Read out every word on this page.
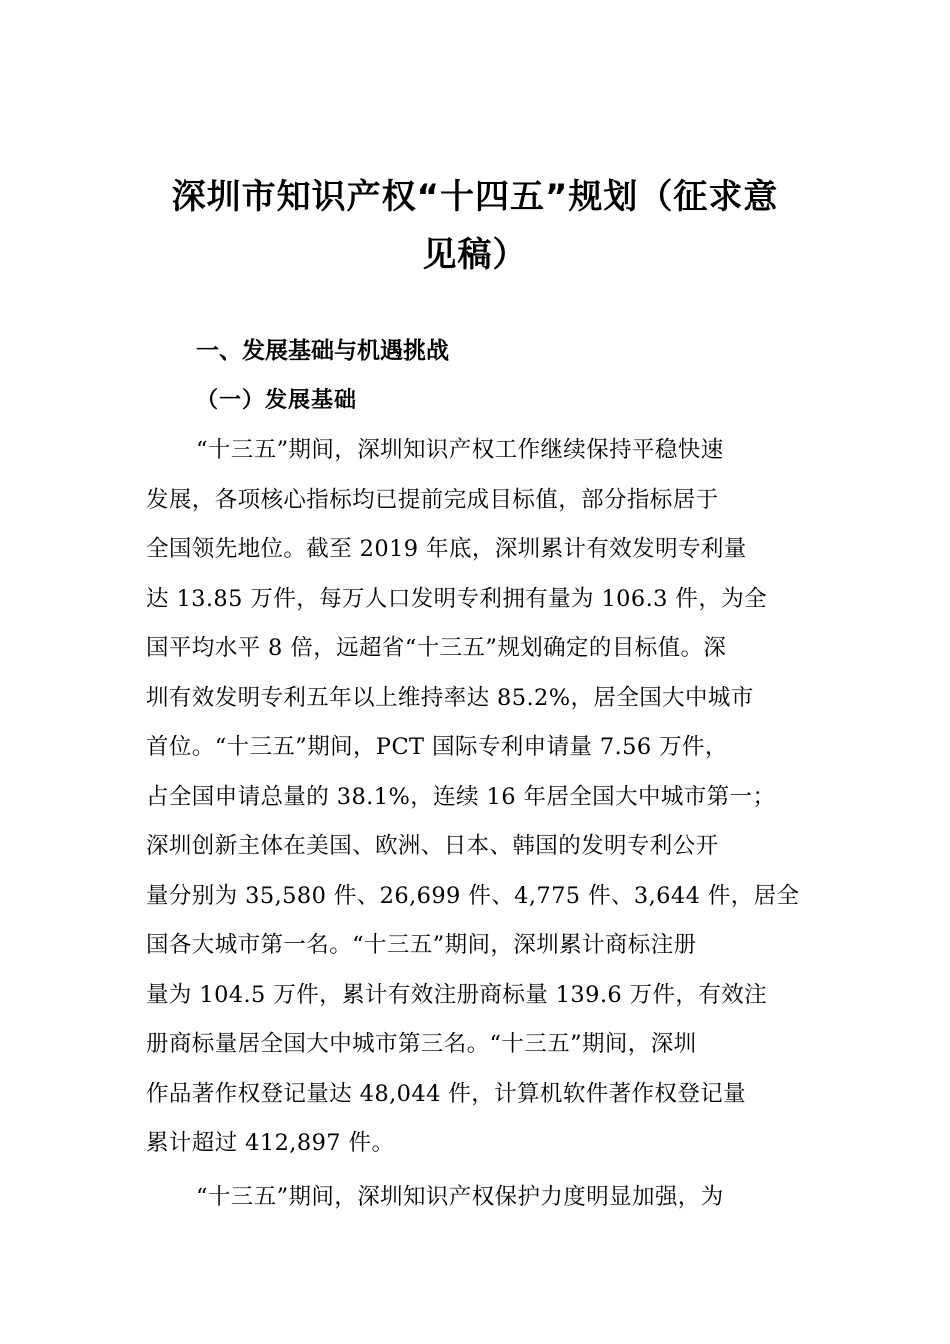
深圳市知识产权“十四五”规划（征求意
见稿）
一、发展基础与机遇挑战
（一）发展基础

“十三五”期间，深圳知识产权工作继续保持平稳快速
发展，各项核心指标均已提前完成目标值，部分指标居于
全国领先地位。截至 2019 年底，深圳累计有效发明专利量
达 13.85 万件，每万人口发明专利拥有量为 106.3 件，为全
国平均水平 8 倍，远超省“十三五”规划确定的目标值。深
圳有效发明专利五年以上维持率达 85.2%，居全国大中城市
首位。“十三五”期间，PCT 国际专利申请量 7.56 万件，
占全国申请总量的 38.1%，连续 16 年居全国大中城市第一；
深圳创新主体在美国、欧洲、日本、韩国的发明专利公开
量分别为 35,580 件、26,699 件、4,775 件、3,644 件，居全
国各大城市第一名。“十三五”期间，深圳累计商标注册
量为 104.5 万件，累计有效注册商标量 139.6 万件，有效注
册商标量居全国大中城市第三名。“十三五”期间，深圳
作品著作权登记量达 48,044 件，计算机软件著作权登记量
累计超过 412,897 件。

“十三五”期间，深圳知识产权保护力度明显加强，为
